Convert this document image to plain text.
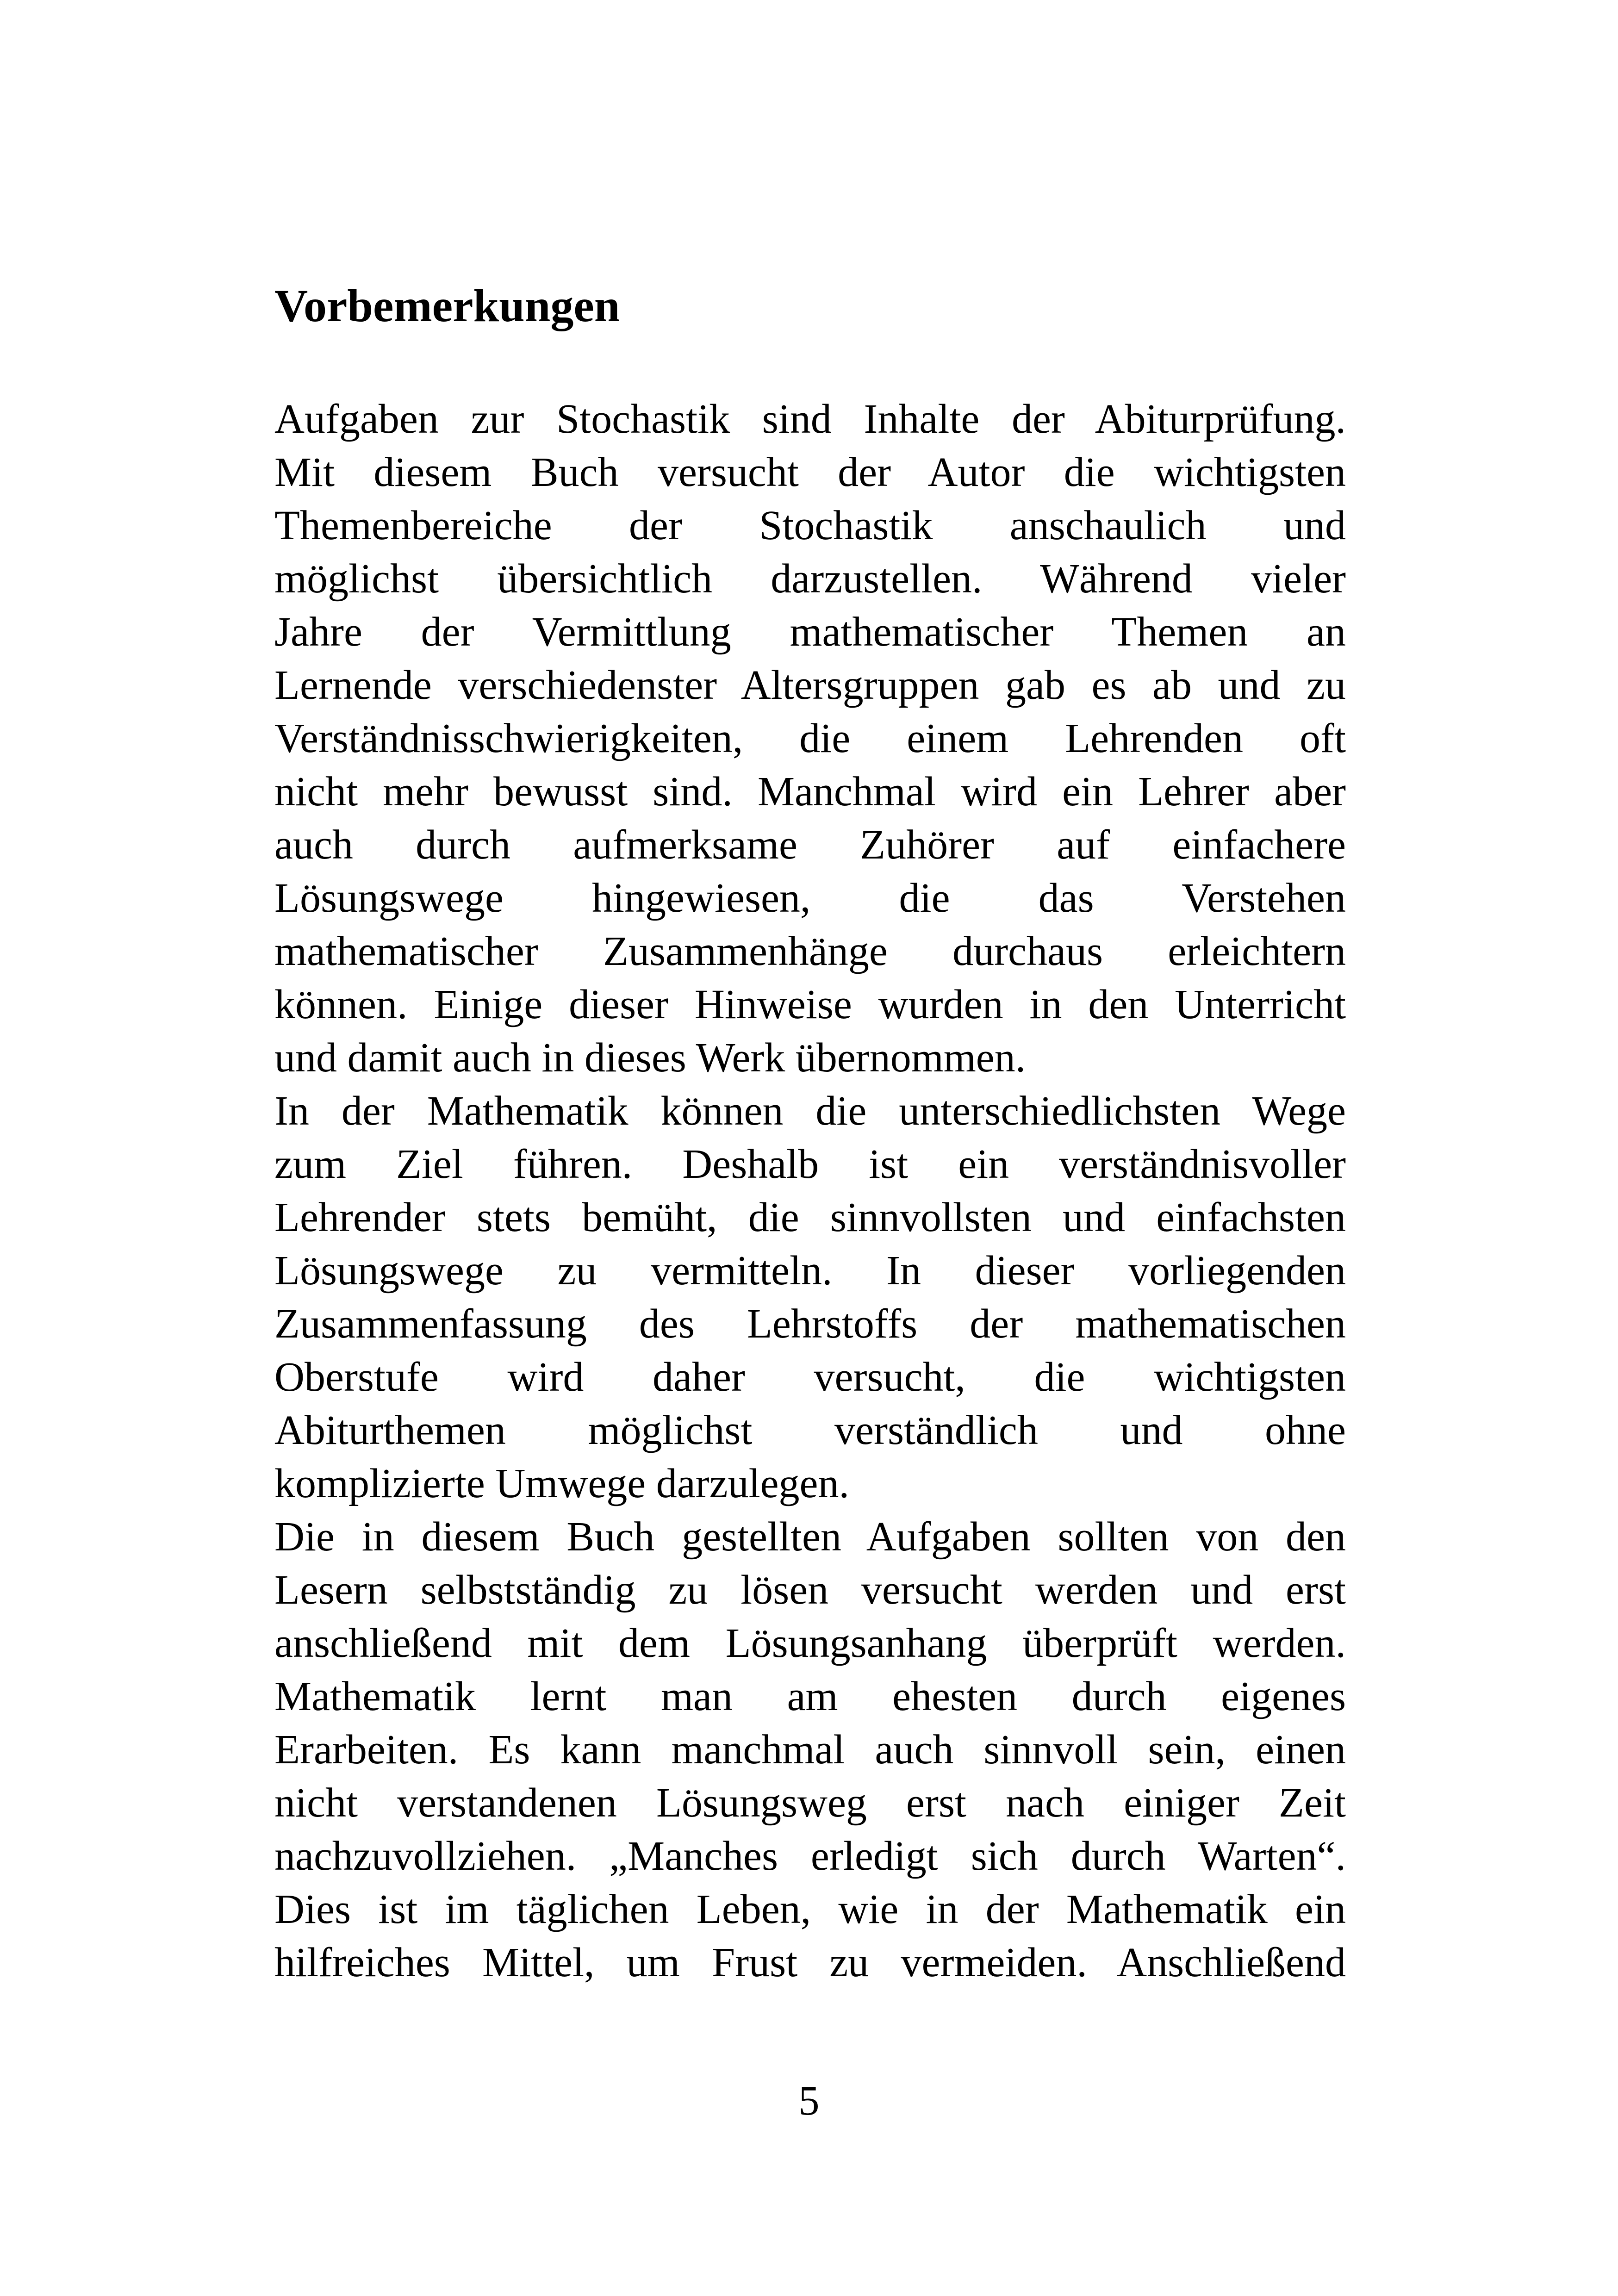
Vorbemerkungen
Aufgaben zur Stochastik sind Inhalte der Abiturprüfung.
Mit diesem Buch versucht der Autor die wichtigsten
Themenbereiche der Stochastik anschaulich und
möglichst übersichtlich darzustellen. Während vieler
Jahre der Vermittlung mathematischer Themen an
Lernende verschiedenster Altersgruppen gab es ab und zu
Verständnisschwierigkeiten, die einem Lehrenden oft
nicht mehr bewusst sind. Manchmal wird ein Lehrer aber
auch durch aufmerksame Zuhörer auf einfachere
Lösungswege hingewiesen, die das Verstehen
mathematischer Zusammenhänge durchaus erleichtern
können. Einige dieser Hinweise wurden in den Unterricht
und damit auch in dieses Werk übernommen.
In der Mathematik können die unterschiedlichsten Wege
zum Ziel führen. Deshalb ist ein verständnisvoller
Lehrender stets bemüht, die sinnvollsten und einfachsten
Lösungswege zu vermitteln. In dieser vorliegenden
Zusammenfassung des Lehrstoffs der mathematischen
Oberstufe wird daher versucht, die wichtigsten
Abiturthemen möglichst verständlich und ohne
komplizierte Umwege darzulegen.
Die in diesem Buch gestellten Aufgaben sollten von den
Lesern selbstständig zu lösen versucht werden und erst
anschließend mit dem Lösungsanhang überprüft werden.
Mathematik lernt man am ehesten durch eigenes
Erarbeiten. Es kann manchmal auch sinnvoll sein, einen
nicht verstandenen Lösungsweg erst nach einiger Zeit
nachzuvollziehen. „Manches erledigt sich durch Warten“.
Dies ist im täglichen Leben, wie in der Mathematik ein
hilfreiches Mittel, um Frust zu vermeiden. Anschließend
5
